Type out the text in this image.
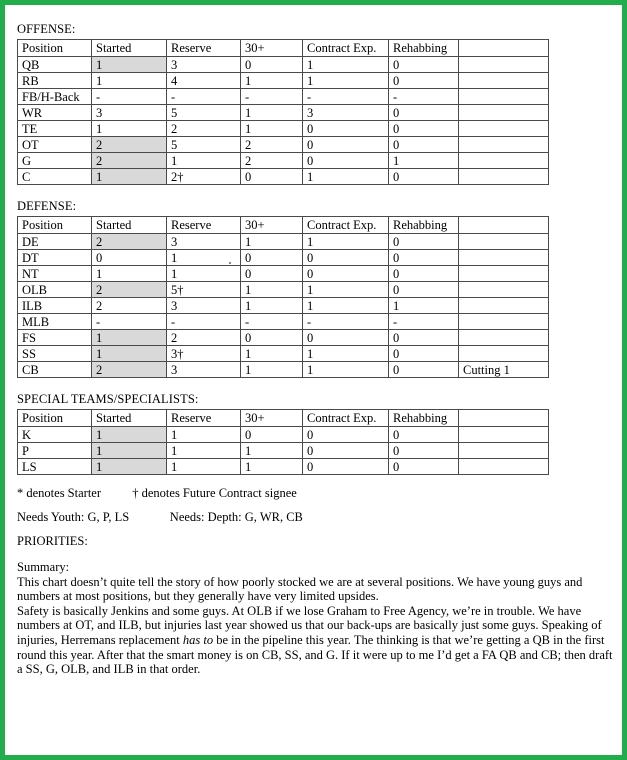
OFFENSE:
Position	Started	Reserve	30+	Contract Exp.	Rehabbing	
QB	1	3	0	1	0	
RB	1	4	1	1	0	
FB/H-Back	-	-	-	-	-	
WR	3	5	1	3	0	
TE	1	2	1	0	0	
OT	2	5	2	0	0	
G	2	1	2	0	1	
C	1	2†	0	1	0	
DEFENSE:
Position	Started	Reserve	30+	Contract Exp.	Rehabbing	
DE	2	3	1	1	0	
DT	0	1	0	0	0	
NT	1	1	0	0	0	
OLB	2	5†	1	1	0	
ILB	2	3	1	1	1	
MLB	-	-	-	-	-	
FS	1	2	0	0	0	
SS	1	3†	1	1	0	
CB	2	3	1	1	0	Cutting 1
SPECIAL TEAMS/SPECIALISTS:
Position	Started	Reserve	30+	Contract Exp.	Rehabbing	
K	1	1	0	0	0	
P	1	1	1	0	0	
LS	1	1	1	0	0	
* denotes Starter          † denotes Future Contract signee
Needs Youth: G, P, LS             Needs: Depth: G, WR, CB
PRIORITIES:

Summary:

This chart doesn’t quite tell the story of how poorly stocked we are at several positions. We have young guys and numbers at most positions, but they generally have very limited upsides.

Safety is basically Jenkins and some guys. At OLB if we lose Graham to Free Agency, we’re in trouble. We have numbers at OT, and ILB, but injuries last year showed us that our back-ups are basically just some guys. Speaking of injuries, Herremans replacement has to be in the pipeline this year. The thinking is that we’re getting a QB in the first round this year. After that the smart money is on CB, SS, and G. If it were up to me I’d get a FA QB and CB; then draft a SS, G, OLB, and ILB in that order.
